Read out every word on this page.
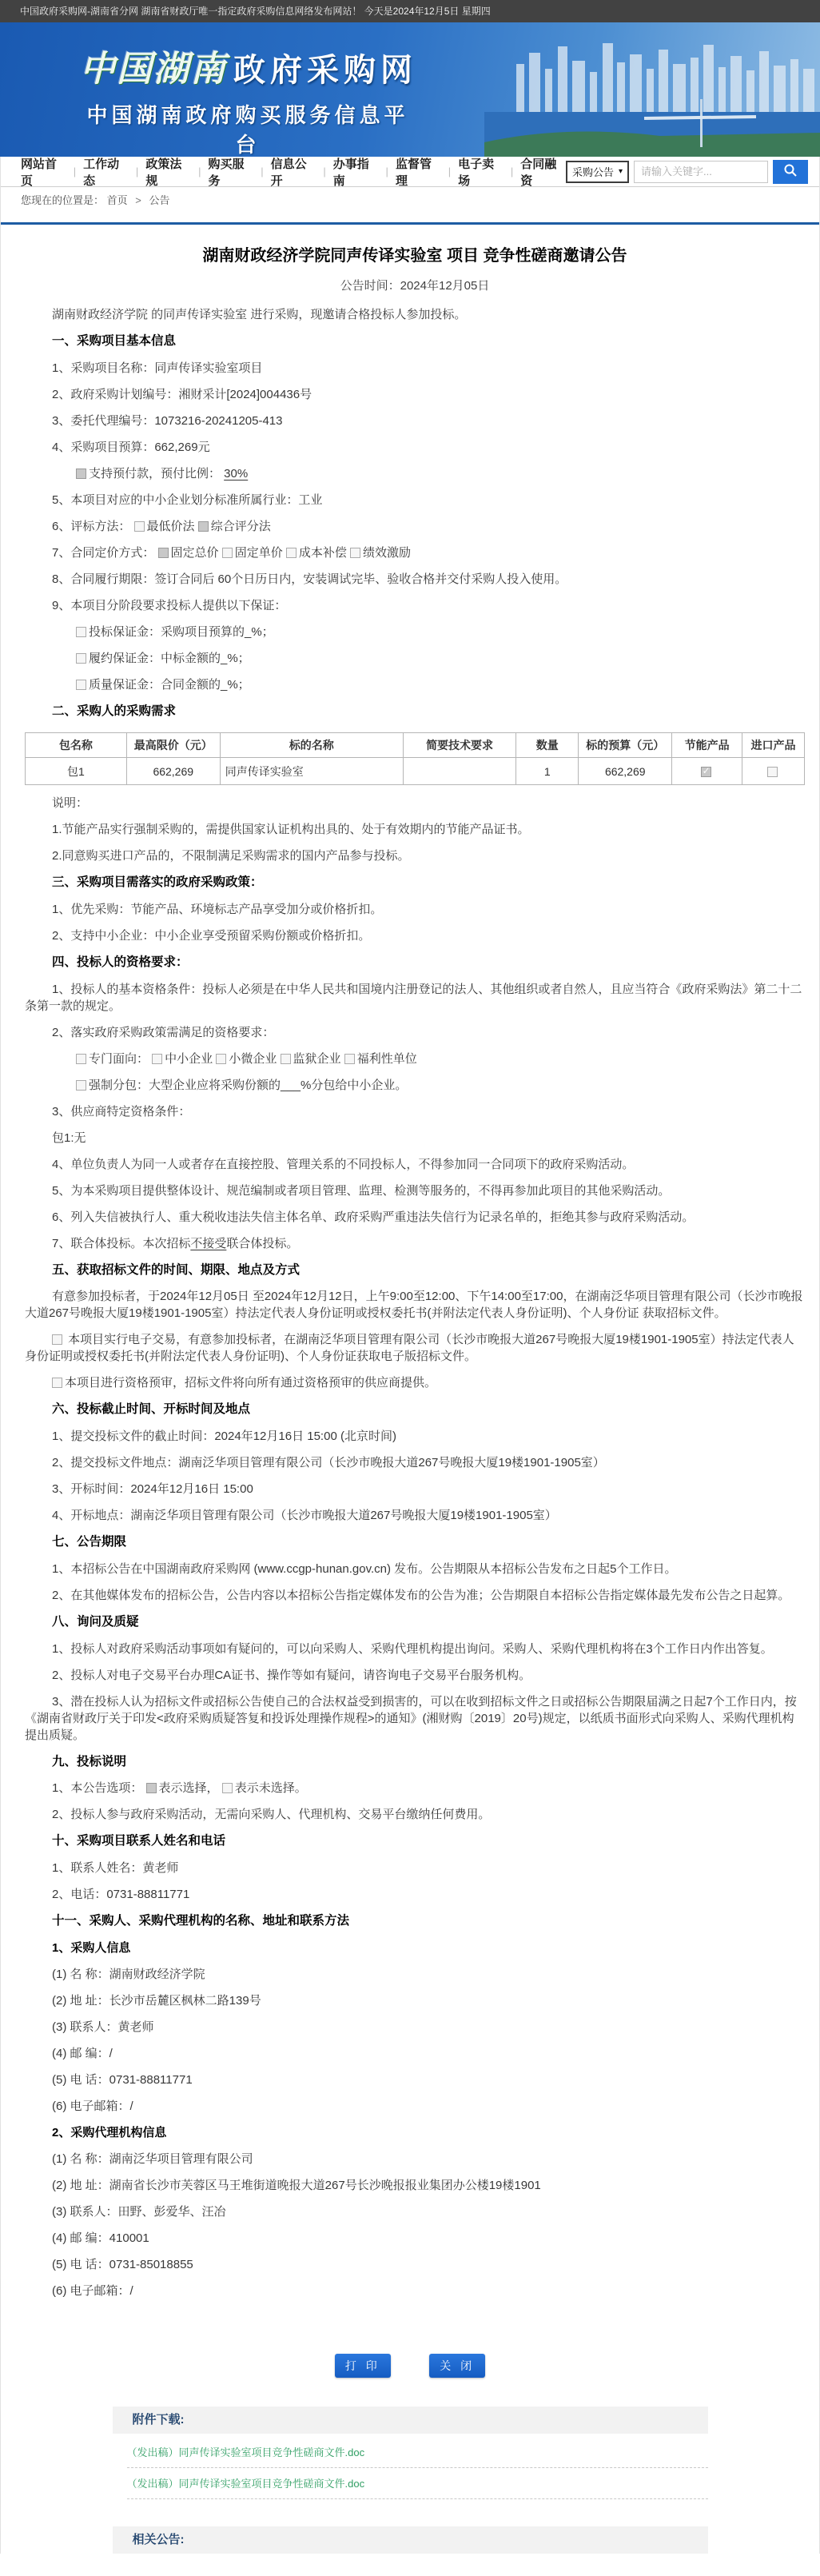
中国政府采购网-湖南省分网 湖南省财政厅唯一指定政府采购信息网络发布网站！ 今天是2024年12月5日 星期四
中国湖南 政府采购网
中国湖南政府购买服务信息平台
网站首页
|
工作动态
|
政策法规
|
购买服务
|
信息公开
|
办事指南
|
监督管理
|
电子卖场
|
合同融资
采购公告 ▾
请输入关键字...
您现在的位置是： 首页 > 公告
湖南财政经济学院同声传译实验室 项目 竞争性磋商邀请公告
公告时间：2024年12月05日

湖南财政经济学院 的同声传译实验室 进行采购，现邀请合格投标人参加投标。

一、采购项目基本信息

1、采购项目名称：同声传译实验室项目

2、政府采购计划编号：湘财采计[2024]004436号

3、委托代理编号：1073216-20241205-413

4、采购项目预算：662,269元

✓支持预付款，预付比例： 30%

5、本项目对应的中小企业划分标准所属行业：工业

6、评标方法： 最低价法 ✓综合评分法

7、合同定价方式： ✓固定总价 固定单价 成本补偿 绩效激励

8、合同履行期限：签订合同后 60个日历日内，安装调试完毕、验收合格并交付采购人投入使用。

9、本项目分阶段要求投标人提供以下保证：

投标保证金：采购项目预算的_%；

履约保证金：中标金额的_%；

质量保证金：合同金额的_%；

二、采购人的采购需求

包名称	最高限价（元）	标的名称	简要技术要求	数量	标的预算（元）	节能产品	进口产品
包1	662,269	同声传译实验室		1	662,269	✓	

说明：

1.节能产品实行强制采购的，需提供国家认证机构出具的、处于有效期内的节能产品证书。

2.同意购买进口产品的，不限制满足采购需求的国内产品参与投标。

三、采购项目需落实的政府采购政策：

1、优先采购：节能产品、环境标志产品享受加分或价格折扣。

2、支持中小企业：中小企业享受预留采购份额或价格折扣。

四、投标人的资格要求：

1、投标人的基本资格条件：投标人必须是在中华人民共和国境内注册登记的法人、其他组织或者自然人，且应当符合《政府采购法》第二十二条第一款的规定。

2、落实政府采购政策需满足的资格要求：

专门面向： 中小企业 小微企业 监狱企业 福利性单位

强制分包：大型企业应将采购份额的___%分包给中小企业。

3、供应商特定资格条件：

包1:无

4、单位负责人为同一人或者存在直接控股、管理关系的不同投标人，不得参加同一合同项下的政府采购活动。

5、为本采购项目提供整体设计、规范编制或者项目管理、监理、检测等服务的，不得再参加此项目的其他采购活动。

6、列入失信被执行人、重大税收违法失信主体名单、政府采购严重违法失信行为记录名单的，拒绝其参与政府采购活动。

7、联合体投标。本次招标不接受联合体投标。

五、获取招标文件的时间、期限、地点及方式

有意参加投标者，于2024年12月05日 至2024年12月12日，上午9:00至12:00、下午14:00至17:00，在湖南泛华项目管理有限公司（长沙市晚报大道267号晚报大厦19楼1901-1905室）持法定代表人身份证明或授权委托书(并附法定代表人身份证明)、个人身份证 获取招标文件。

本项目实行电子交易，有意参加投标者，在湖南泛华项目管理有限公司（长沙市晚报大道267号晚报大厦19楼1901-1905室）持法定代表人身份证明或授权委托书(并附法定代表人身份证明)、个人身份证获取电子版招标文件。

本项目进行资格预审，招标文件将向所有通过资格预审的供应商提供。

六、投标截止时间、开标时间及地点

1、提交投标文件的截止时间：2024年12月16日 15:00 (北京时间)

2、提交投标文件地点：湖南泛华项目管理有限公司（长沙市晚报大道267号晚报大厦19楼1901-1905室）

3、开标时间：2024年12月16日 15:00

4、开标地点：湖南泛华项目管理有限公司（长沙市晚报大道267号晚报大厦19楼1901-1905室）

七、公告期限

1、本招标公告在中国湖南政府采购网 (www.ccgp-hunan.gov.cn) 发布。公告期限从本招标公告发布之日起5个工作日。

2、在其他媒体发布的招标公告，公告内容以本招标公告指定媒体发布的公告为准；公告期限自本招标公告指定媒体最先发布公告之日起算。

八、询问及质疑

1、投标人对政府采购活动事项如有疑问的，可以向采购人、采购代理机构提出询问。采购人、采购代理机构将在3个工作日内作出答复。

2、投标人对电子交易平台办理CA证书、操作等如有疑问，请咨询电子交易平台服务机构。

3、潜在投标人认为招标文件或招标公告使自己的合法权益受到损害的，可以在收到招标文件之日或招标公告期限届满之日起7个工作日内，按《湖南省财政厅关于印发<政府采购质疑答复和投诉处理操作规程>的通知》(湘财购〔2019〕20号)规定，以纸质书面形式向采购人、采购代理机构提出质疑。

九、投标说明

1、本公告选项： ✓表示选择， 表示未选择。

2、投标人参与政府采购活动，无需向采购人、代理机构、交易平台缴纳任何费用。

十、采购项目联系人姓名和电话

1、联系人姓名：黄老师

2、电话：0731-88811771

十一、采购人、采购代理机构的名称、地址和联系方法

1、采购人信息

(1) 名 称：湖南财政经济学院

(2) 地 址：长沙市岳麓区枫林二路139号

(3) 联系人：黄老师

(4) 邮 编：/

(5) 电 话：0731-88811771

(6) 电子邮箱：/

2、采购代理机构信息

(1) 名 称：湖南泛华项目管理有限公司

(2) 地 址：湖南省长沙市芙蓉区马王堆街道晚报大道267号长沙晚报报业集团办公楼19楼1901

(3) 联系人：田野、彭爱华、汪冶

(4) 邮 编：410001

(5) 电 话：0731-85018855

(6) 电子邮箱：/

打 印	关 闭
附件下载:
（发出稿）同声传译实验室项目竞争性磋商文件.doc
（发出稿）同声传译实验室项目竞争性磋商文件.doc
相关公告:
